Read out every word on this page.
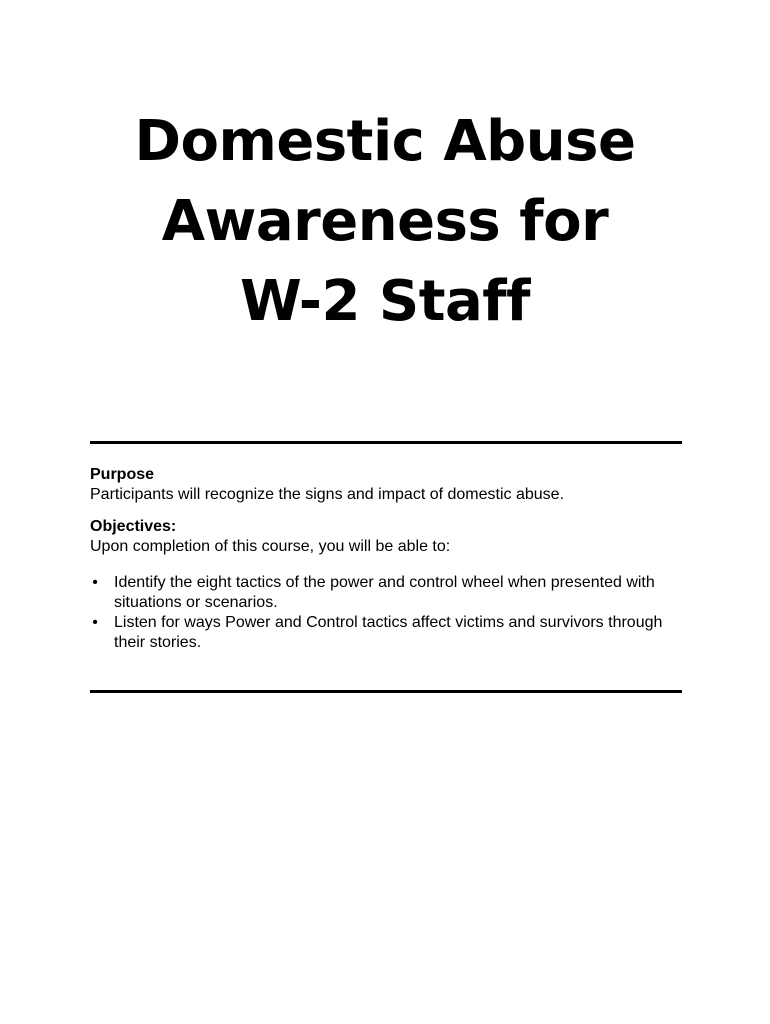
Domestic Abuse
Awareness for
W-2 Staff
Purpose
Participants will recognize the signs and impact of domestic abuse.
Objectives:
Upon completion of this course, you will be able to:
• Identify the eight tactics of the power and control wheel when presented with situations or scenarios.
• Listen for ways Power and Control tactics affect victims and survivors through their stories.
